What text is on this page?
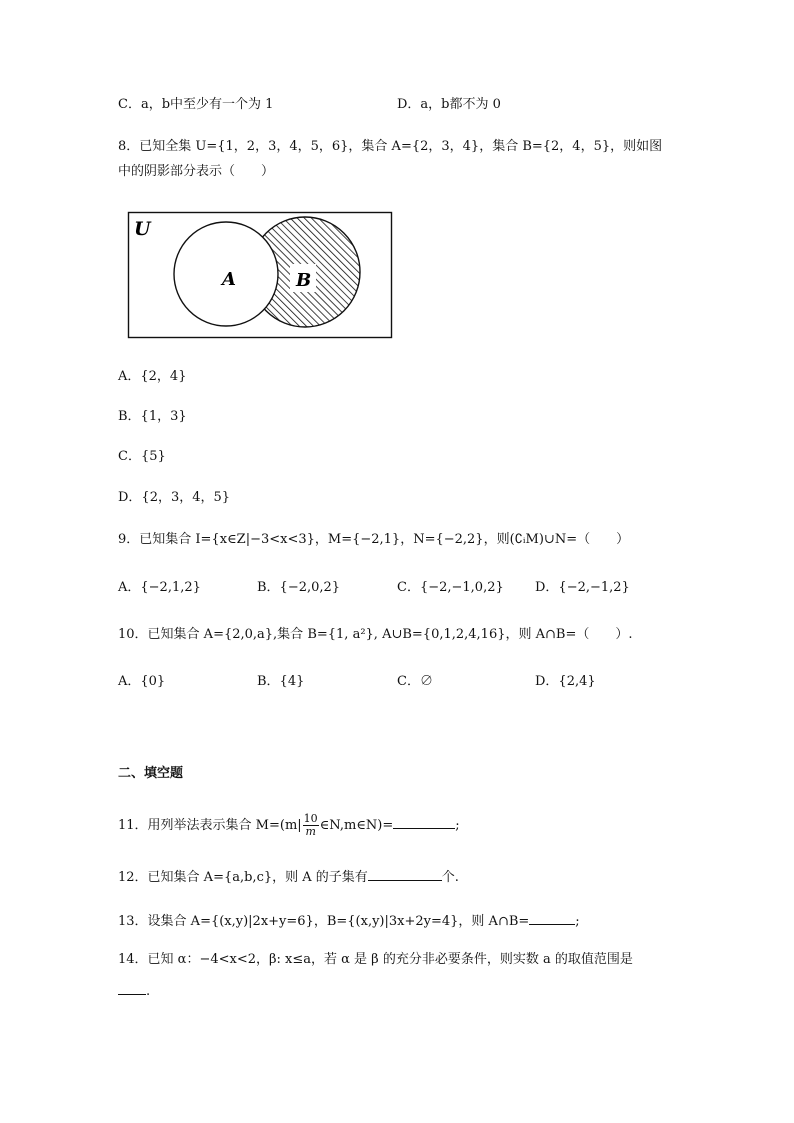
C．a，b中至少有一个为 1	D．a，b都不为 0
8．已知全集 U={1，2，3，4，5，6}，集合 A={2，3，4}，集合 B={2，4，5}，则如图
中的阴影部分表示（　　）
U
A	B
A．{2，4}
B．{1，3}
C．{5}
D．{2，3，4，5}
9．已知集合 I={x∈Z|−3<x<3}，M={−2,1}，N={−2,2}，则(∁ᵢM)∪N=（　　）
A．{−2,1,2}	B．{−2,0,2}	C．{−2,−1,0,2} D．{−2,−1,2}
10．已知集合 A={2,0,a},集合 B={1, a²}, A∪B={0,1,2,4,16}，则 A∩B=（　　）.
A．{0}	B．{4}	C．∅	D．{2,4}
二、填空题
11．用列举法表示集合 $M=(m| \frac{10}{m}$ ∈N,m∈N)=	;
12．已知集合 A={a,b,c}，则 A 的子集有	个.
13．设集合 A={(x,y)|2x+y=6}，B={(x,y)|3x+2y=4}，则 A∩B=	;
14．已知 α：−4<x<2，β: x≤a，若 α 是 β 的充分非必要条件，则实数 a 的取值范围是
.
